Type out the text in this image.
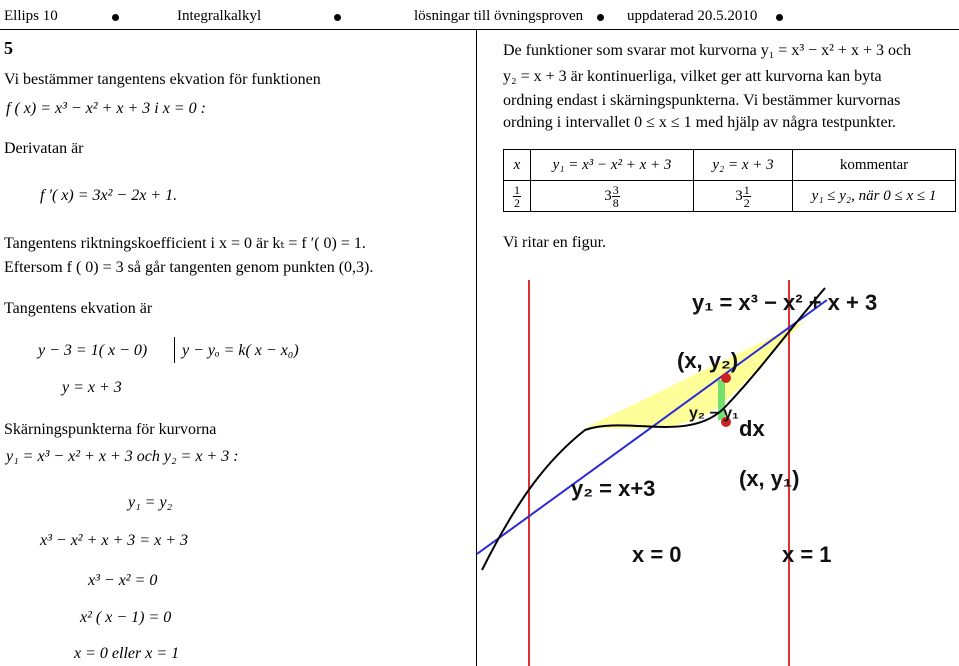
Ellips 10	Integralkalkyl	lösningar till övningsproven	uppdaterad 20.5.2010
5
Vi bestämmer tangentens ekvation för funktionen
f ( x) = x³ − x² + x + 3 i x = 0 :
Derivatan är
f ′( x) = 3x² − 2x + 1.
Tangentens riktningskoefficient i x = 0 är kₜ = f ′( 0) = 1.
Eftersom f ( 0) = 3 så går tangenten genom punkten (0,3).
Tangentens ekvation är
y − 3 = 1( x − 0) y − yₒ = k( x − x₀)
y = x + 3
Skärningspunkterna för kurvorna
y₁ = x³ − x² + x + 3 och y₂ = x + 3 :
y₁ = y₂
x³ − x² + x + 3 = x + 3
x³ − x² = 0
x² ( x − 1) = 0
x = 0 eller x = 1
De funktioner som svarar mot kurvorna y₁ = x³ − x² + x + 3 och
y₂ = x + 3 är kontinuerliga, vilket ger att kurvorna kan byta
ordning endast i skärningspunkterna. Vi bestämmer kurvornas
ordning i intervallet 0 ≤ x ≤ 1 med hjälp av några testpunkter.
x	y₁ = x³ − x² + x + 3	y₂ = x + 3	kommentar

$\frac{1}{2}$	$3 \frac{3}{8}$	$3 \frac{1}{2}$	y₁ ≤ y₂, när 0 ≤ x ≤ 1
Vi ritar en figur.
y₁ = x³ − x² + x + 3
(x, y₂)
y₂ − y₁
dx
(x, y₁)
y₂ = x+3
x = 0	x = 1
